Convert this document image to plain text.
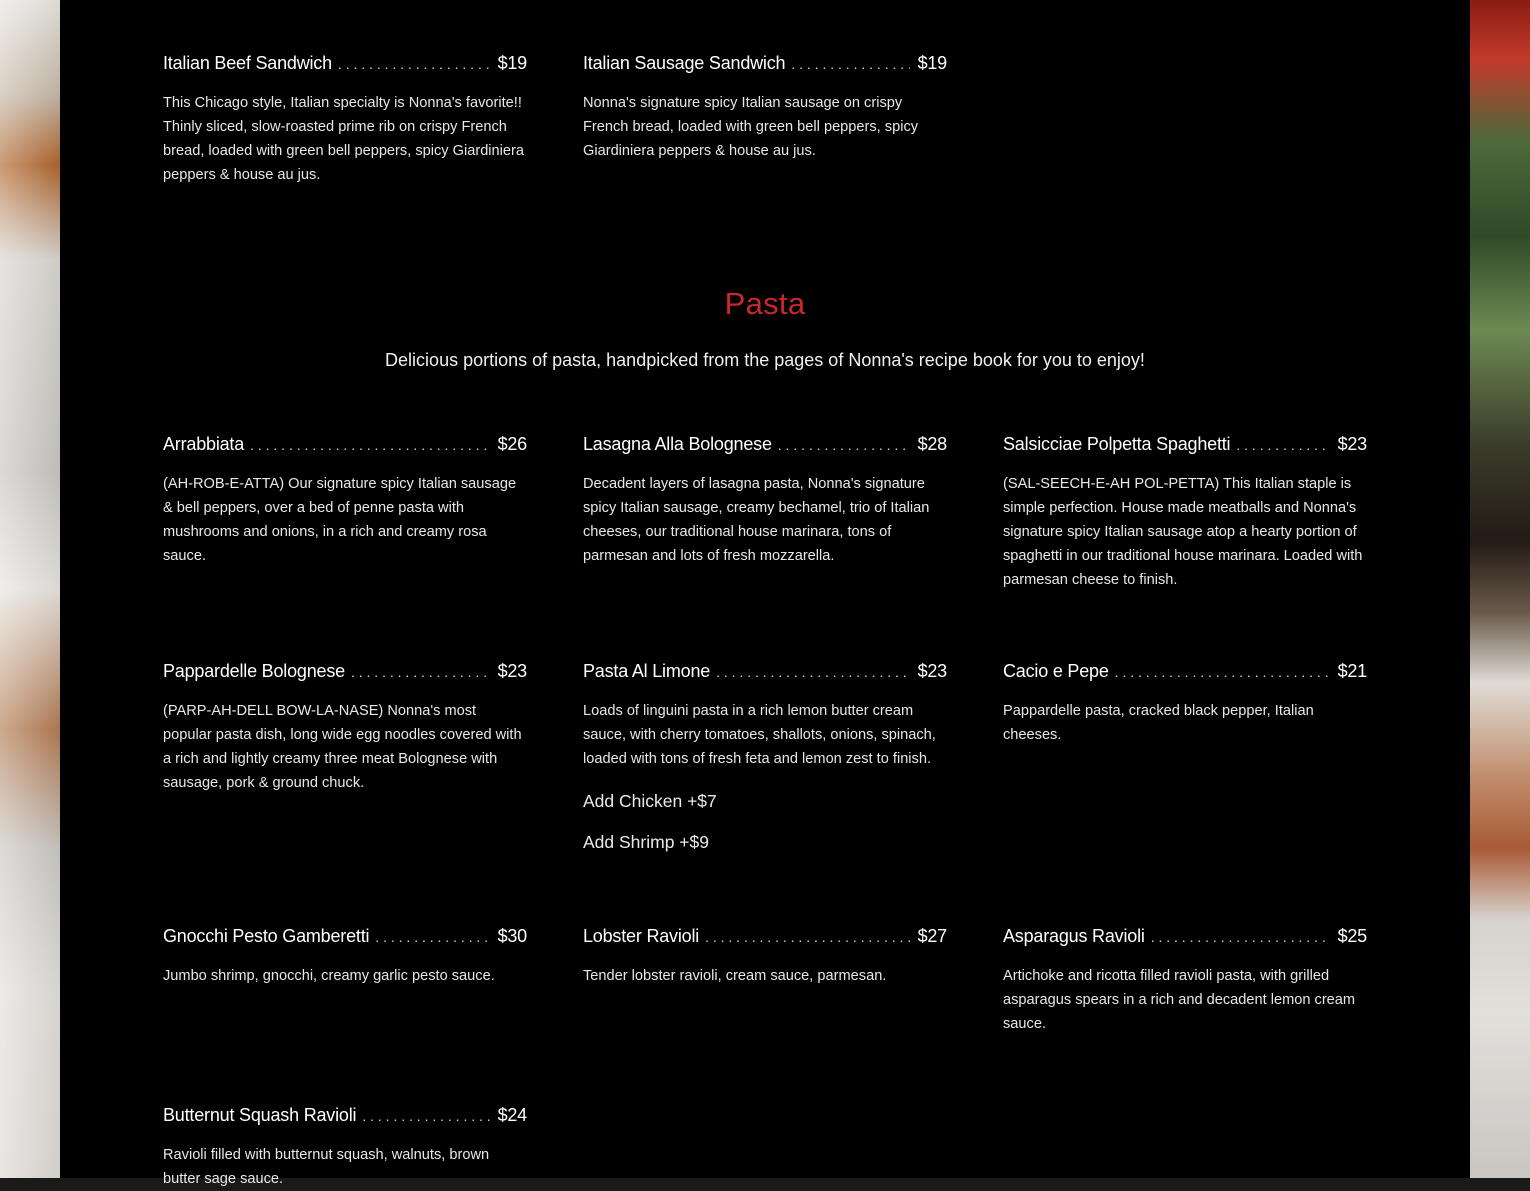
Italian Beef Sandwich . . .	$19
This Chicago style, Italian specialty is Nonna's favorite!! Thinly sliced, slow-roasted prime rib on crispy French bread, loaded with green bell peppers, spicy Giardiniera peppers & house au jus.
Italian Sausage Sandwich . . .	$19
Nonna's signature spicy Italian sausage on crispy French bread, loaded with green bell peppers, spicy Giardiniera peppers & house au jus.
Pasta
Delicious portions of pasta, handpicked from the pages of Nonna's recipe book for you to enjoy!
Arrabbiata . . .	$26
(AH-ROB-E-ATTA) Our signature spicy Italian sausage & bell peppers, over a bed of penne pasta with mushrooms and onions, in a rich and creamy rosa sauce.
Lasagna Alla Bolognese . . .	$28
Decadent layers of lasagna pasta, Nonna's signature spicy Italian sausage, creamy bechamel, trio of Italian cheeses, our traditional house marinara, tons of parmesan and lots of fresh mozzarella.
Salsicciae Polpetta Spaghetti . . .	$23
(SAL-SEECH-E-AH POL-PETTA) This Italian staple is simple perfection. House made meatballs and Nonna's signature spicy Italian sausage atop a hearty portion of spaghetti in our traditional house marinara. Loaded with parmesan cheese to finish.
Pappardelle Bolognese . . .	$23
(PARP-AH-DELL BOW-LA-NASE) Nonna's most popular pasta dish, long wide egg noodles covered with a rich and lightly creamy three meat Bolognese with sausage, pork & ground chuck.
Pasta Al Limone . . .	$23
Loads of linguini pasta in a rich lemon butter cream sauce, with cherry tomatoes, shallots, onions, spinach, loaded with tons of fresh feta and lemon zest to finish.
Add Chicken +$7
Add Shrimp +$9
Cacio e Pepe . . .	$21
Pappardelle pasta, cracked black pepper, Italian cheeses.
Gnocchi Pesto Gamberetti . . .	$30
Jumbo shrimp, gnocchi, creamy garlic pesto sauce.
Lobster Ravioli . . .	$27
Tender lobster ravioli, cream sauce, parmesan.
Asparagus Ravioli . . .	$25
Artichoke and ricotta filled ravioli pasta, with grilled asparagus spears in a rich and decadent lemon cream sauce.
Butternut Squash Ravioli . . .	$24
Ravioli filled with butternut squash, walnuts, brown butter sage sauce.
